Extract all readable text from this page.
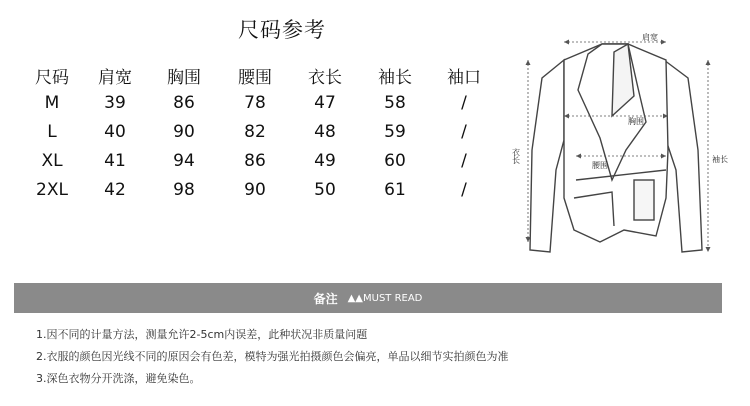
尺码参考
尺码	肩宽	胸围	腰围	衣长	袖长	袖口
M	39	86	78	47	58	/
L	40	90	82	48	59	/
XL	41	94	86	49	60	/
2XL	42	98	90	50	61	/
肩宽
胸围
腰围
衣长	袖长
备注 ▲▲MUST READ
1.因不同的计量方法，测量允许2-5cm内误差，此种状况非质量问题
2.衣服的颜色因光线不同的原因会有色差，模特为强光拍摄颜色会偏亮，单品以细节实拍颜色为准
3.深色衣物分开洗涤，避免染色。
